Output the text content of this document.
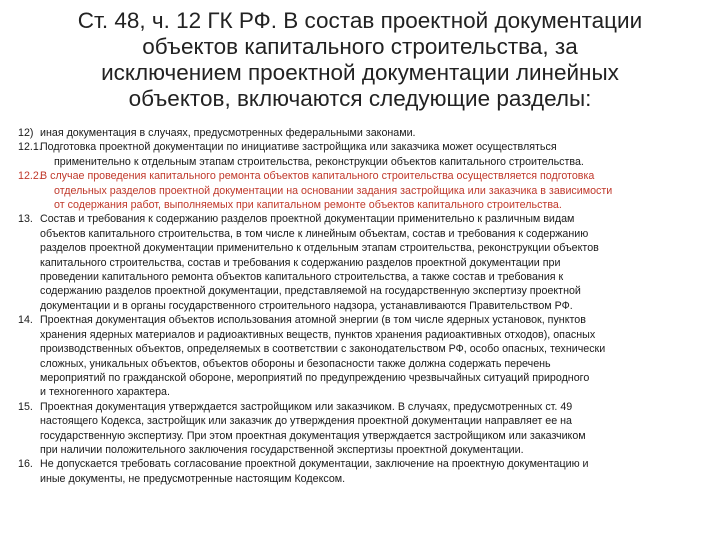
Ст. 48, ч. 12 ГК РФ. В состав проектной документации
объектов капитального строительства, за
исключением проектной документации линейных
объектов, включаются следующие разделы:
12) иная документация в случаях, предусмотренных федеральными законами.
12.1.
Подготовка проектной документации по инициативе застройщика или заказчика может осуществляться
применительно к отдельным этапам строительства, реконструкции объектов капитального строительства.
12.2.
В случае проведения капитального ремонта объектов капитального строительства осуществляется подготовка
отдельных разделов проектной документации на основании задания застройщика или заказчика в зависимости
от содержания работ, выполняемых при капитальном ремонте объектов капитального строительства.
13. Состав и требования к содержанию разделов проектной документации применительно к различным видам
объектов капитального строительства, в том числе к линейным объектам, состав и требования к содержанию
разделов проектной документации применительно к отдельным этапам строительства, реконструкции объектов
капитального строительства, состав и требования к содержанию разделов проектной документации при
проведении капитального ремонта объектов капитального строительства, а также состав и требования к
содержанию разделов проектной документации, представляемой на государственную экспертизу проектной
документации и в органы государственного строительного надзора, устанавливаются Правительством РФ.
14. Проектная документация объектов использования атомной энергии (в том числе ядерных установок, пунктов
хранения ядерных материалов и радиоактивных веществ, пунктов хранения радиоактивных отходов), опасных
производственных объектов, определяемых в соответствии с законодательством РФ, особо опасных, технически
сложных, уникальных объектов, объектов обороны и безопасности также должна содержать перечень
мероприятий по гражданской обороне, мероприятий по предупреждению чрезвычайных ситуаций природного
и техногенного характера.
15. Проектная документация утверждается застройщиком или заказчиком. В случаях, предусмотренных ст. 49
настоящего Кодекса, застройщик или заказчик до утверждения проектной документации направляет ее на
государственную экспертизу. При этом проектная документация утверждается застройщиком или заказчиком
при наличии положительного заключения государственной экспертизы проектной документации.
16. Не допускается требовать согласование проектной документации, заключение на проектную документацию и
иные документы, не предусмотренные настоящим Кодексом.
